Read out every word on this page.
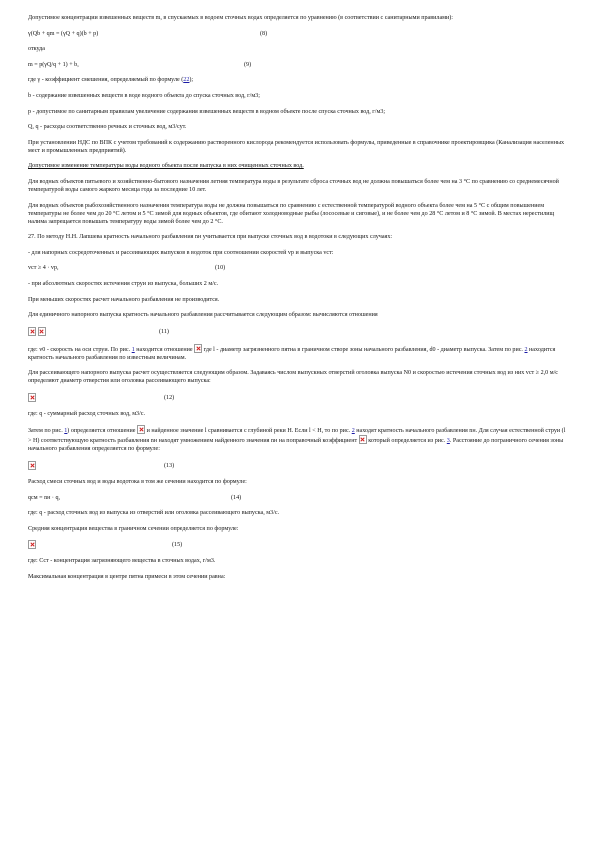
Допустимое концентрации взвешенных веществ m, в спускаемых в водоем сточных водах определяется по уравнению (в соответствии с санитарными правилами):

γ(Qb + qm = (γQ + q)(b + p)	(8)

откуда

m = p(γQ/q + 1) + b,	(9)

где γ - коэффициент смешения, определяемый по формуле (22);

b - содержание взвешенных веществ в воде водного объекта до спуска сточных вод, г/м3;

p - допустимое по санитарным правилам увеличение содержания взвешенных веществ в водном объекте после спуска сточных вод, г/м3;

Q, q - расходы соответственно речных и сточных вод, м3/сут.

При установлении НДС по ВПК с учетом требований к содержанию растворенного кислорода рекомендуется использовать формулы, приведенные в справочнике проектировщика (Канализация населенных мест и промышленных предприятий).

Допустимое изменение температуры воды водного объекта после выпуска в них очищенных сточных вод.

Для водных объектов питьевого и хозяйственно-бытового назначения летняя температура воды в результате сброса сточных вод не должна повышаться более чем на 3 °С по сравнению со среднемесячной температурой воды самого жаркого месяца года за последние 10 лет.

Для водных объектов рыбохозяйственного назначения температура воды не должна повышаться по сравнению с естественной температурой водного объекта более чем на 5 °С с общим повышением температуры не более чем до 20 °С летом и 5 °С зимой для водных объектов, где обитают холодноводные рыбы (лососевые и сиговые), и не более чем до 28 °С летом и 8 °С зимой. В местах нерестилищ налима запрещается повышать температуру воды зимой более чем до 2 °С.

27. По методу Н.Н. Лапшева кратность начального разбавления nн учитывается при выпуске сточных вод в водотоки в следующих случаях:

- для напорных сосредоточенных и рассеивающих выпусков в водоток при соотношении скоростей vр и выпуска vст:

vст ≥ 4 · vр,	(10)

- при абсолютных скоростях истечения струи из выпуска, больших 2 м/с.

При меньших скоростях расчет начального разбавления не производится.

Для единичного напорного выпуска кратность начального разбавления рассчитывается следующим образом: вычисляются отношения

(11)

где: v0 - скорость на оси струи. По рис. 1 находится отношение  где l - диаметр загрязненного пятна в граничном створе зоны начального разбавления, d0 - диаметр выпуска. Затем по рис. 2 находится кратность начального разбавления по известным величинам.

Для рассеивающего напорного выпуска расчет осуществляется следующим образом. Задаваясь числом выпускных отверстий оголовка выпуска N0 и скоростью истечения сточных вод из них vст ≥ 2,0 м/с определяют диаметр отверстия или оголовка рассеивающего выпуска:

(12)

где: q - суммарный расход сточных вод, м3/с.

Затем по рис. 1) определяется отношение  и найденное значение l сравнивается с глубиной реки H. Если l < H, то по рис. 2 находят кратность начального разбавления nн. Для случая естественной струи (l > H) соответствующую кратность разбавления nн находят умножением найденного значения nн на поправочный коэффициент  который определяется из рис. 3. Расстояние до пограничного сечения зоны начального разбавления определяется по формуле:

(13)

Расход смеси сточных вод и воды водотока в том же сечении находится по формуле:

qсм = nн · q,	(14)

где: q - расход сточных вод из выпуска из отверстий или оголовка рассеивающего выпуска, м3/с.

Средняя концентрация вещества в граничном сечении определяется по формуле:

(15)

где: Сст - концентрация загрязняющего вещества в сточных водах, г/м3.

Максимальная концентрация в центре пятна примеси в этом сечении равна:
